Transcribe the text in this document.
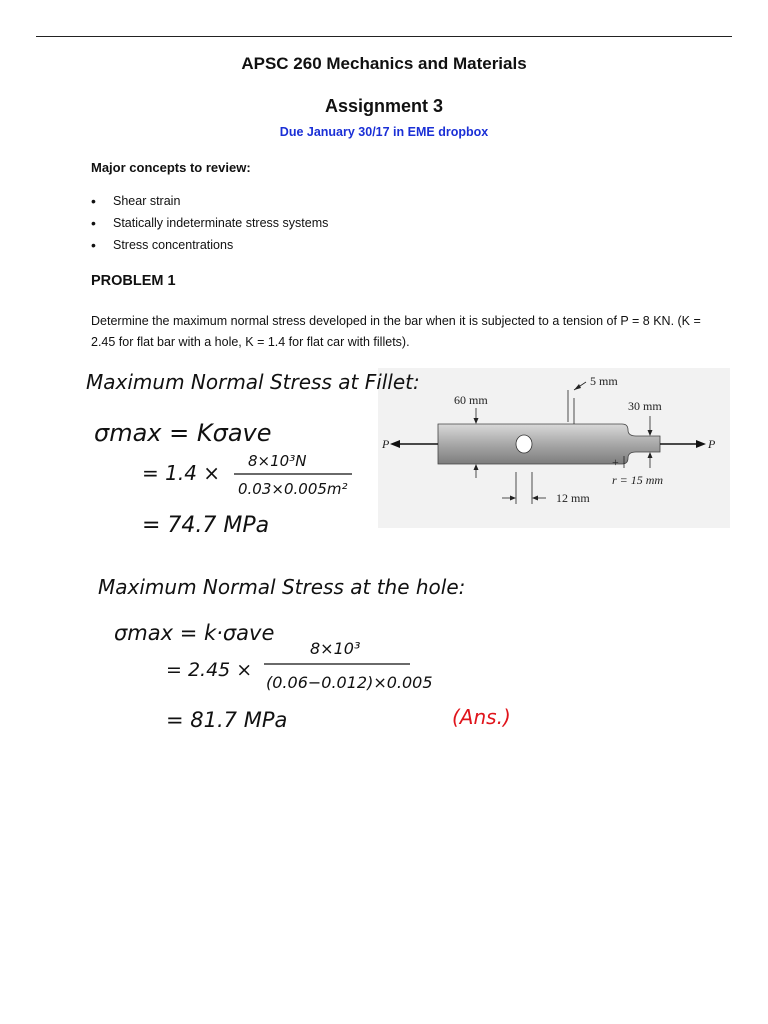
APSC 260 Mechanics and Materials
Assignment 3
Due January 30/17 in EME dropbox
Major concepts to review:
• Shear strain
• Statically indeterminate stress systems
• Stress concentrations
PROBLEM 1
Determine the maximum normal stress developed in the bar when it is subjected to a tension of P = 8 KN. (K = 2.45 for flat bar with a hole, K = 1.4 for flat car with fillets).
P	P
60 mm
5 mm
30 mm
+
r = 15 mm
12 mm
Maximum Normal Stress at Fillet:
σmax = Kσave
= 1.4 × 8×10³N
0.03×0.005m²
= 74.7 MPa
Maximum Normal Stress at the hole:
σmax = k·σave
= 2.45 ×
8×10³
(0.06−0.012)×0.005
= 81.7 MPa	(Ans.)
